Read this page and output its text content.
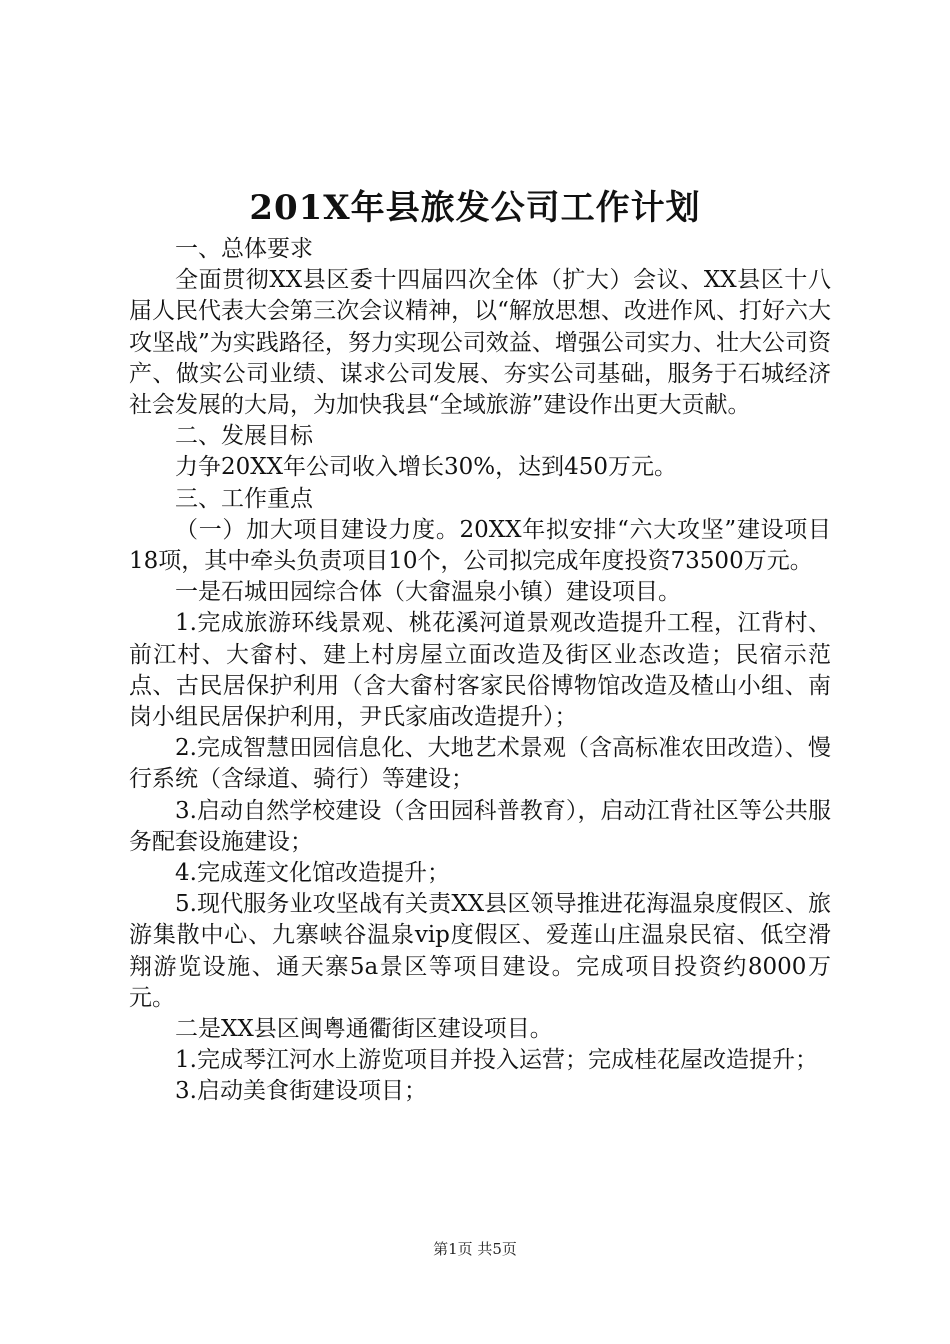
201X年县旅发公司工作计划

一、总体要求

全面贯彻XX县区委十四届四次全体（扩大）会议、XX县区十八届人民代表大会第三次会议精神，以“解放思想、改进作风、打好六大攻坚战”为实践路径，努力实现公司效益、增强公司实力、壮大公司资产、做实公司业绩、谋求公司发展、夯实公司基础，服务于石城经济社会发展的大局，为加快我县“全域旅游”建设作出更大贡献。

二、发展目标

力争20XX年公司收入增长30%，达到450万元。

三、工作重点

（一）加大项目建设力度。20XX年拟安排“六大攻坚”建设项目18项，其中牵头负责项目10个，公司拟完成年度投资73500万元。

一是石城田园综合体（大畲温泉小镇）建设项目。

1.完成旅游环线景观、桃花溪河道景观改造提升工程，江背村、前江村、大畲村、建上村房屋立面改造及街区业态改造；民宿示范点、古民居保护利用（含大畲村客家民俗博物馆改造及楂山小组、南岗小组民居保护利用，尹氏家庙改造提升）；

2.完成智慧田园信息化、大地艺术景观（含高标准农田改造）、慢行系统（含绿道、骑行）等建设；

3.启动自然学校建设（含田园科普教育），启动江背社区等公共服务配套设施建设；

4.完成莲文化馆改造提升；

5.现代服务业攻坚战有关责XX县区领导推进花海温泉度假区、旅游集散中心、九寨峡谷温泉vip度假区、爱莲山庄温泉民宿、低空滑翔游览设施、通天寨5a景区等项目建设。完成项目投资约8000万元。

二是XX县区闽粤通衢街区建设项目。

1.完成琴江河水上游览项目并投入运营；完成桂花屋改造提升；

3.启动美食街建设项目；

第1页 共5页
